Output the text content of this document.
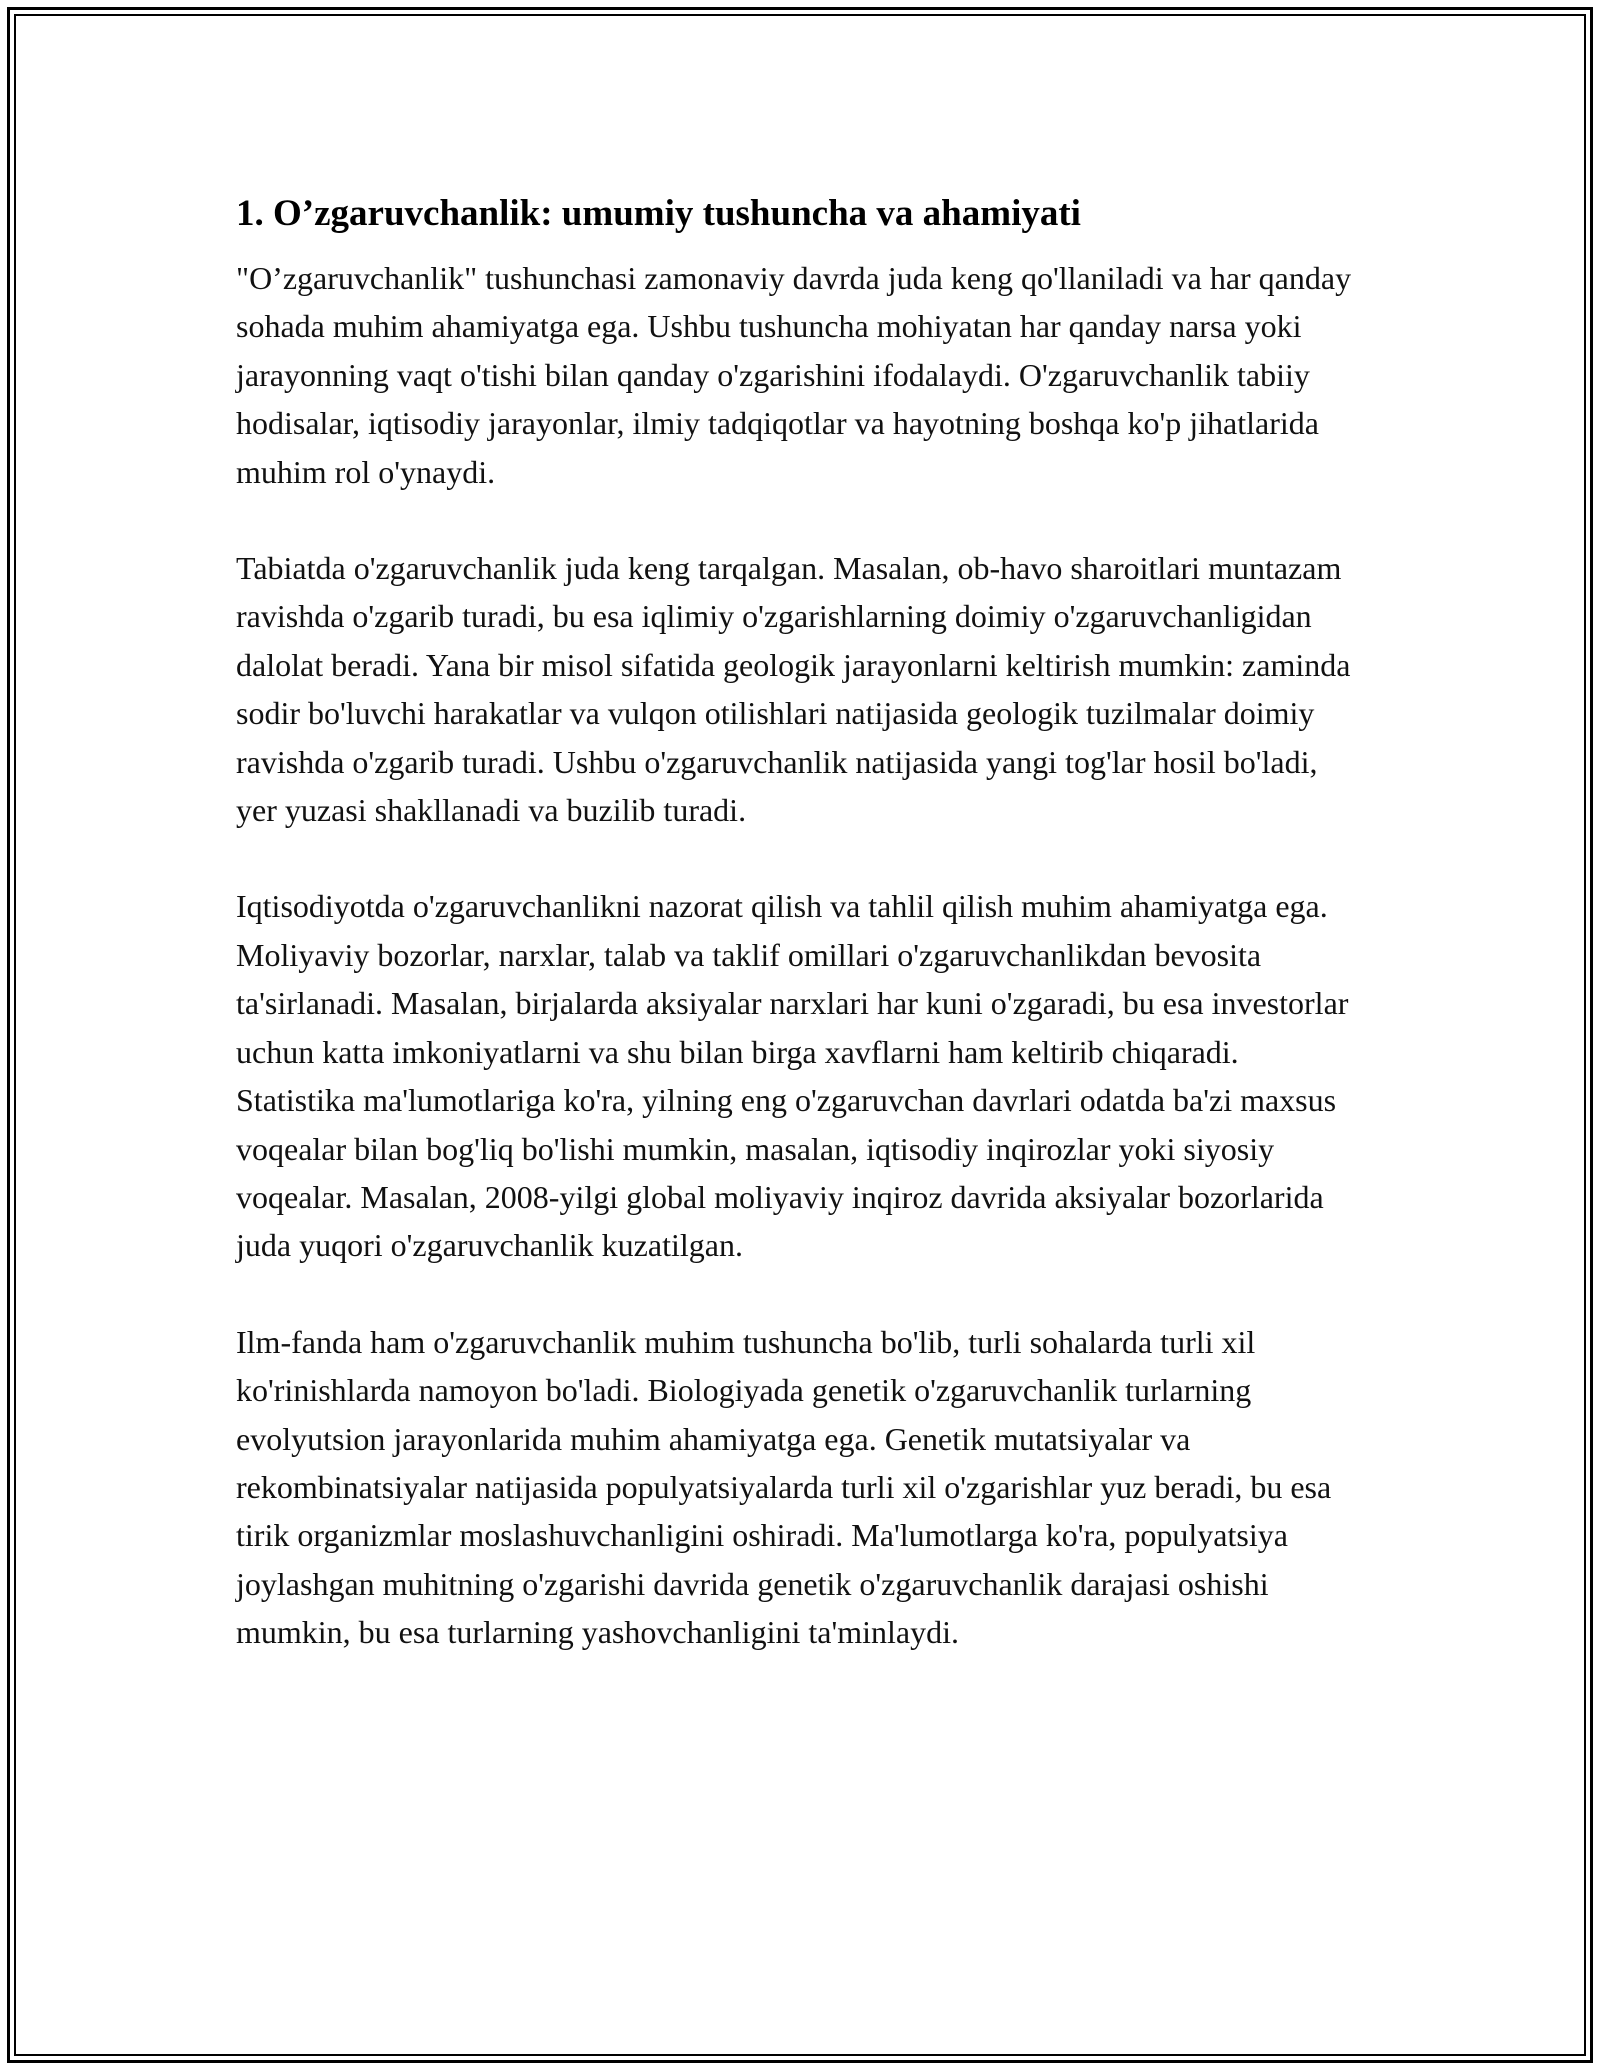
1. O’zgaruvchanlik: umumiy tushuncha va ahamiyati

"O’zgaruvchanlik" tushunchasi zamonaviy davrda juda keng qo'llaniladi va har qanday sohada muhim ahamiyatga ega. Ushbu tushuncha mohiyatan har qanday narsa yoki jarayonning vaqt o'tishi bilan qanday o'zgarishini ifodalaydi. O'zgaruvchanlik tabiiy hodisalar, iqtisodiy jarayonlar, ilmiy tadqiqotlar va hayotning boshqa ko'p jihatlarida muhim rol o'ynaydi.

Tabiatda o'zgaruvchanlik juda keng tarqalgan. Masalan, ob-havo sharoitlari muntazam ravishda o'zgarib turadi, bu esa iqlimiy o'zgarishlarning doimiy o'zgaruvchanligidan dalolat beradi. Yana bir misol sifatida geologik jarayonlarni keltirish mumkin: zaminda sodir bo'luvchi harakatlar va vulqon otilishlari natijasida geologik tuzilmalar doimiy ravishda o'zgarib turadi. Ushbu o'zgaruvchanlik natijasida yangi tog'lar hosil bo'ladi, yer yuzasi shakllanadi va buzilib turadi.

Iqtisodiyotda o'zgaruvchanlikni nazorat qilish va tahlil qilish muhim ahamiyatga ega. Moliyaviy bozorlar, narxlar, talab va taklif omillari o'zgaruvchanlikdan bevosita ta'sirlanadi. Masalan, birjalarda aksiyalar narxlari har kuni o'zgaradi, bu esa investorlar uchun katta imkoniyatlarni va shu bilan birga xavflarni ham keltirib chiqaradi. Statistika ma'lumotlariga ko'ra, yilning eng o'zgaruvchan davrlari odatda ba'zi maxsus voqealar bilan bog'liq bo'lishi mumkin, masalan, iqtisodiy inqirozlar yoki siyosiy voqealar. Masalan, 2008-yilgi global moliyaviy inqiroz davrida aksiyalar bozorlarida juda yuqori o'zgaruvchanlik kuzatilgan.

Ilm-fanda ham o'zgaruvchanlik muhim tushuncha bo'lib, turli sohalarda turli xil ko'rinishlarda namoyon bo'ladi. Biologiyada genetik o'zgaruvchanlik turlarning evolyutsion jarayonlarida muhim ahamiyatga ega. Genetik mutatsiyalar va rekombinatsiyalar natijasida populyatsiyalarda turli xil o'zgarishlar yuz beradi, bu esa tirik organizmlar moslashuvchanligini oshiradi. Ma'lumotlarga ko'ra, populyatsiya joylashgan muhitning o'zgarishi davrida genetik o'zgaruvchanlik darajasi oshishi mumkin, bu esa turlarning yashovchanligini ta'minlaydi.
